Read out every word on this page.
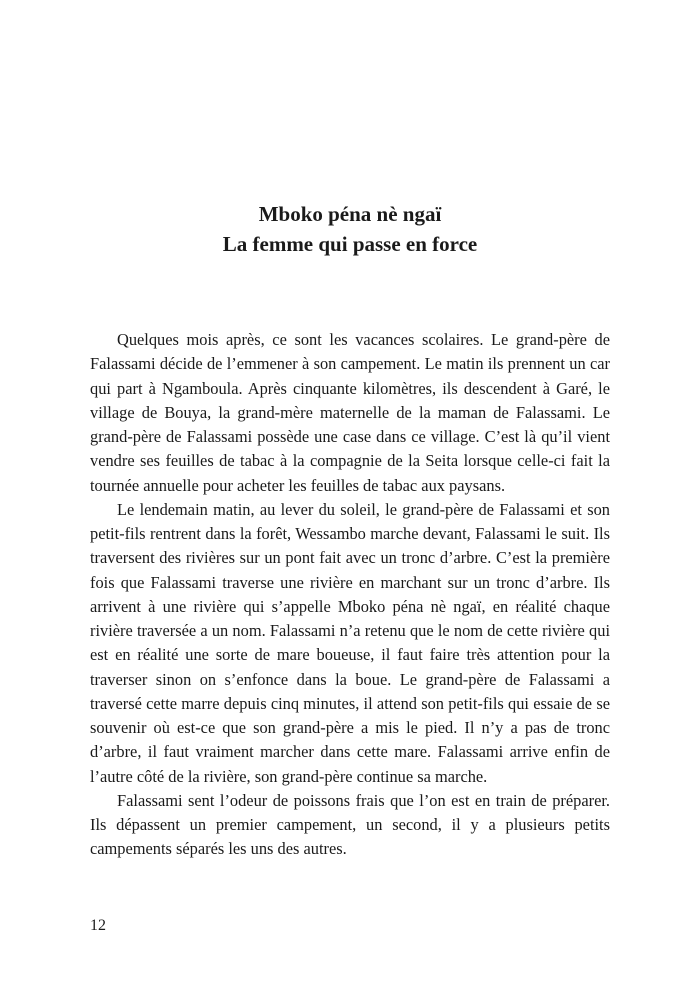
Mboko péna nè ngaï
La femme qui passe en force

Quelques mois après, ce sont les vacances scolaires. Le grand-père de Falassami décide de l’emmener à son campement. Le matin ils prennent un car qui part à Ngamboula. Après cinquante kilomètres, ils descendent à Garé, le village de Bouya, la grand-mère maternelle de la maman de Falassami. Le grand-père de Falassami possède une case dans ce village. C’est là qu’il vient vendre ses feuilles de tabac à la compagnie de la Seita lorsque celle-ci fait la tournée annuelle pour acheter les feuilles de tabac aux paysans.

Le lendemain matin, au lever du soleil, le grand-père de Falassami et son petit-fils rentrent dans la forêt, Wessambo marche devant, Falassami le suit. Ils traversent des rivières sur un pont fait avec un tronc d’arbre. C’est la première fois que Falassami traverse une rivière en marchant sur un tronc d’arbre. Ils arrivent à une rivière qui s’appelle Mboko péna nè ngaï, en réalité chaque rivière traversée a un nom. Falassami n’a retenu que le nom de cette rivière qui est en réalité une sorte de mare boueuse, il faut faire très attention pour la traverser sinon on s’enfonce dans la boue. Le grand-père de Falassami a traversé cette marre depuis cinq minutes, il attend son petit-fils qui essaie de se souvenir où est-ce que son grand-père a mis le pied. Il n’y a pas de tronc d’arbre, il faut vraiment marcher dans cette mare. Falassami arrive enfin de l’autre côté de la rivière, son grand-père continue sa marche.

Falassami sent l’odeur de poissons frais que l’on est en train de préparer. Ils dépassent un premier campement, un second, il y a plusieurs petits campements séparés les uns des autres.

12
